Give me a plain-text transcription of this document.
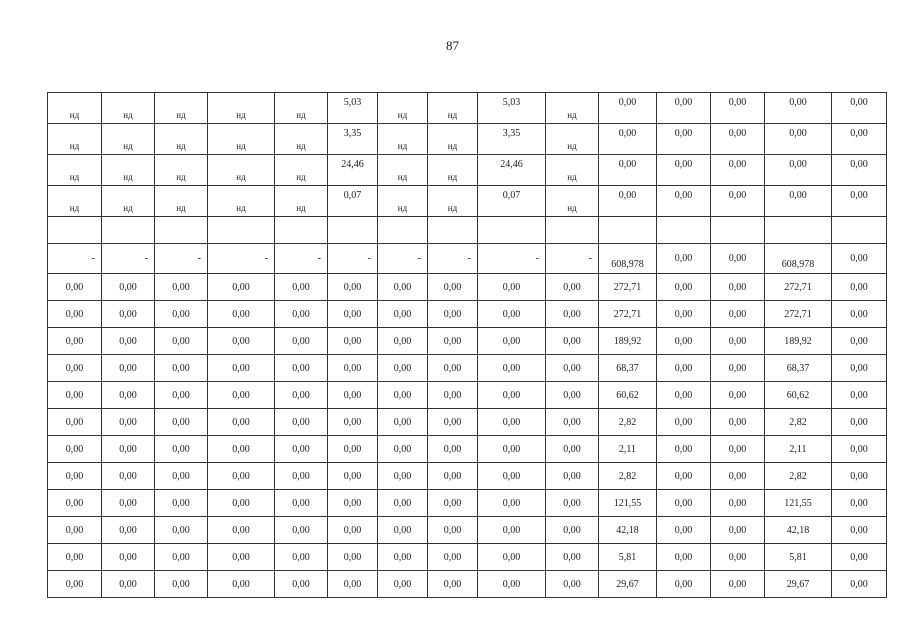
87
нд	нд	нд	нд	нд	5,03	нд	нд	5,03	нд	0,00	0,00	0,00	0,00	0,00
нд	нд	нд	нд	нд	3,35	нд	нд	3,35	нд	0,00	0,00	0,00	0,00	0,00
нд	нд	нд	нд	нд	24,46	нд	нд	24,46	нд	0,00	0,00	0,00	0,00	0,00
нд	нд	нд	нд	нд	0,07	нд	нд	0,07	нд	0,00	0,00	0,00	0,00	0,00

-	-	-	-	-	-	-	-	-	-	608,978	0,00	0,00	608,978	0,00
0,00	0,00	0,00	0,00	0,00	0,00	0,00	0,00	0,00	0,00	272,71	0,00	0,00	272,71	0,00
0,00	0,00	0,00	0,00	0,00	0,00	0,00	0,00	0,00	0,00	272,71	0,00	0,00	272,71	0,00
0,00	0,00	0,00	0,00	0,00	0,00	0,00	0,00	0,00	0,00	189,92	0,00	0,00	189,92	0,00
0,00	0,00	0,00	0,00	0,00	0,00	0,00	0,00	0,00	0,00	68,37	0,00	0,00	68,37	0,00
0,00	0,00	0,00	0,00	0,00	0,00	0,00	0,00	0,00	0,00	60,62	0,00	0,00	60,62	0,00
0,00	0,00	0,00	0,00	0,00	0,00	0,00	0,00	0,00	0,00	2,82	0,00	0,00	2,82	0,00
0,00	0,00	0,00	0,00	0,00	0,00	0,00	0,00	0,00	0,00	2,11	0,00	0,00	2,11	0,00
0,00	0,00	0,00	0,00	0,00	0,00	0,00	0,00	0,00	0,00	2,82	0,00	0,00	2,82	0,00
0,00	0,00	0,00	0,00	0,00	0,00	0,00	0,00	0,00	0,00	121,55	0,00	0,00	121,55	0,00
0,00	0,00	0,00	0,00	0,00	0,00	0,00	0,00	0,00	0,00	42,18	0,00	0,00	42,18	0,00
0,00	0,00	0,00	0,00	0,00	0,00	0,00	0,00	0,00	0,00	5,81	0,00	0,00	5,81	0,00
0,00	0,00	0,00	0,00	0,00	0,00	0,00	0,00	0,00	0,00	29,67	0,00	0,00	29,67	0,00
